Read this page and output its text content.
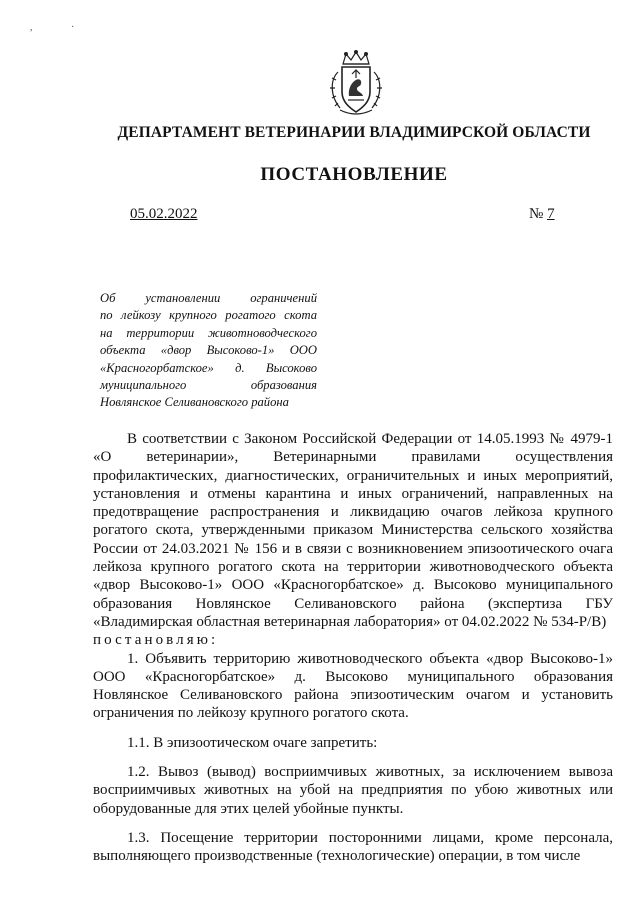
, ·
ДЕПАРТАМЕНТ ВЕТЕРИНАРИИ ВЛАДИМИРСКОЙ ОБЛАСТИ
ПОСТАНОВЛЕНИЕ
05.02.2022	№ 7
Об установлении ограничений
по лейкозу крупного рогатого скота
на территории животноводческого
объекта «двор Высоково-1» ООО
«Красногорбатское» д. Высоково
муниципального образования
Новлянское Селивановского района

В соответствии с Законом Российской Федерации от 14.05.1993 № 4979-1 «О ветеринарии», Ветеринарными правилами осуществления профилактических, диагностических, ограничительных и иных мероприятий, установления и отмены карантина и иных ограничений, направленных на предотвращение распространения и ликвидацию очагов лейкоза крупного рогатого скота, утвержденными приказом Министерства сельского хозяйства России от 24.03.2021 № 156 и в связи с возникновением эпизоотического очага лейкоза крупного рогатого скота на территории животноводческого объекта «двор Высоково-1» ООО «Красногорбатское» д. Высоково муниципального образования Новлянское Селивановского района (экспертиза ГБУ «Владимирская областная ветеринарная лаборатория» от 04.02.2022 № 534-Р/В)

постановляю:

1. Объявить территорию животноводческого объекта «двор Высоково-1» ООО «Красногорбатское» д. Высоково муниципального образования Новлянское Селивановского района эпизоотическим очагом и установить ограничения по лейкозу крупного рогатого скота.

1.1. В эпизоотическом очаге запретить:

1.2. Вывоз (вывод) восприимчивых животных, за исключением вывоза восприимчивых животных на убой на предприятия по убою животных или оборудованные для этих целей убойные пункты.

1.3. Посещение территории посторонними лицами, кроме персонала, выполняющего производственные (технологические) операции, в том числе
